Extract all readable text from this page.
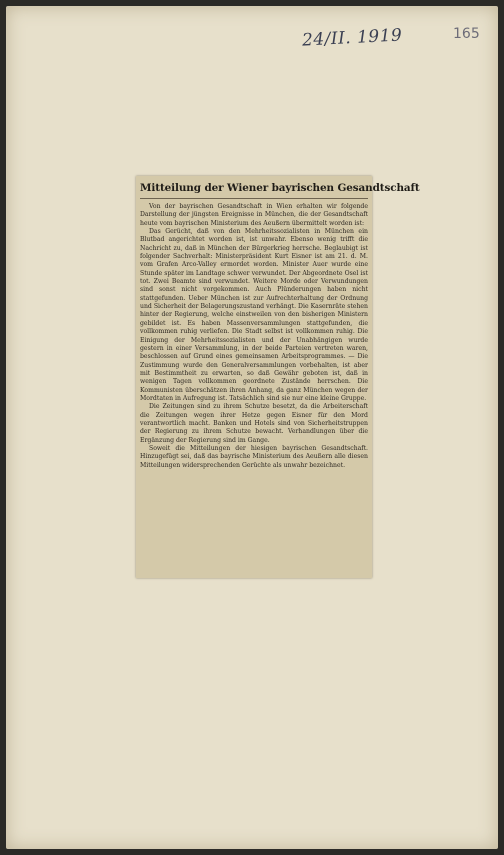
24/II. 1919	165
Mitteilung der Wiener bayrischen Gesandtschaft

Von der bayrischen Gesandtschaft in Wien erhalten wir folgende Darstellung der jüngsten Ereignisse in München, die der Gesandtschaft heute vom bayrischen Ministerium des Aeußern übermittelt worden ist:

Das Gerücht, daß von den Mehrheitssozialisten in München ein Blutbad angerichtet worden ist, ist unwahr. Ebenso wenig trifft die Nachricht zu, daß in München der Bürgerkrieg herrsche. Beglaubigt ist folgender Sachverhalt: Ministerpräsident Kurt Eisner ist am 21. d. M. vom Grafen Arco-Valley ermordet worden. Minister Auer wurde eine Stunde später im Landtage schwer verwundet. Der Abgeordnete Osel ist tot. Zwei Beamte sind verwundet. Weitere Morde oder Verwundungen sind sonst nicht vorgekommen. Auch Plünderungen haben nicht stattgefunden. Ueber München ist zur Aufrechterhaltung der Ordnung und Sicherheit der Belagerungszustand verhängt. Die Kasernräte stehen hinter der Regierung, welche einstweilen von den bisherigen Ministern gebildet ist. Es haben Massenversammlungen stattgefunden, die vollkommen ruhig verliefen. Die Stadt selbst ist vollkommen ruhig. Die Einigung der Mehrheitssozialisten und der Unabhängigen wurde gestern in einer Versammlung, in der beide Parteien vertreten waren, beschlossen auf Grund eines gemeinsamen Arbeitsprogrammes. — Die Zustimmung wurde den Generalversammlungen vorbehalten, ist aber mit Bestimmtheit zu erwarten, so daß Gewähr geboten ist, daß in wenigen Tagen vollkommen geordnete Zustände herrschen. Die Kommunisten überschätzen ihren Anhang, da ganz München wegen der Mordtaten in Aufregung ist. Tatsächlich sind sie nur eine kleine Gruppe.

Die Zeitungen sind zu ihrem Schutze besetzt, da die Arbeiterschaft die Zeitungen wegen ihrer Hetze gegen Eisner für den Mord verantwortlich macht. Banken und Hotels sind von Sicherheitstruppen der Regierung zu ihrem Schutze bewacht. Verhandlungen über die Ergänzung der Regierung sind im Gange.

Soweit die Mitteilungen der hiesigen bayrischen Gesandtschaft. Hinzugefügt sei, daß das bayrische Ministerium des Aeußern alle diesen Mitteilungen widersprechenden Gerüchte als unwahr bezeichnet.
